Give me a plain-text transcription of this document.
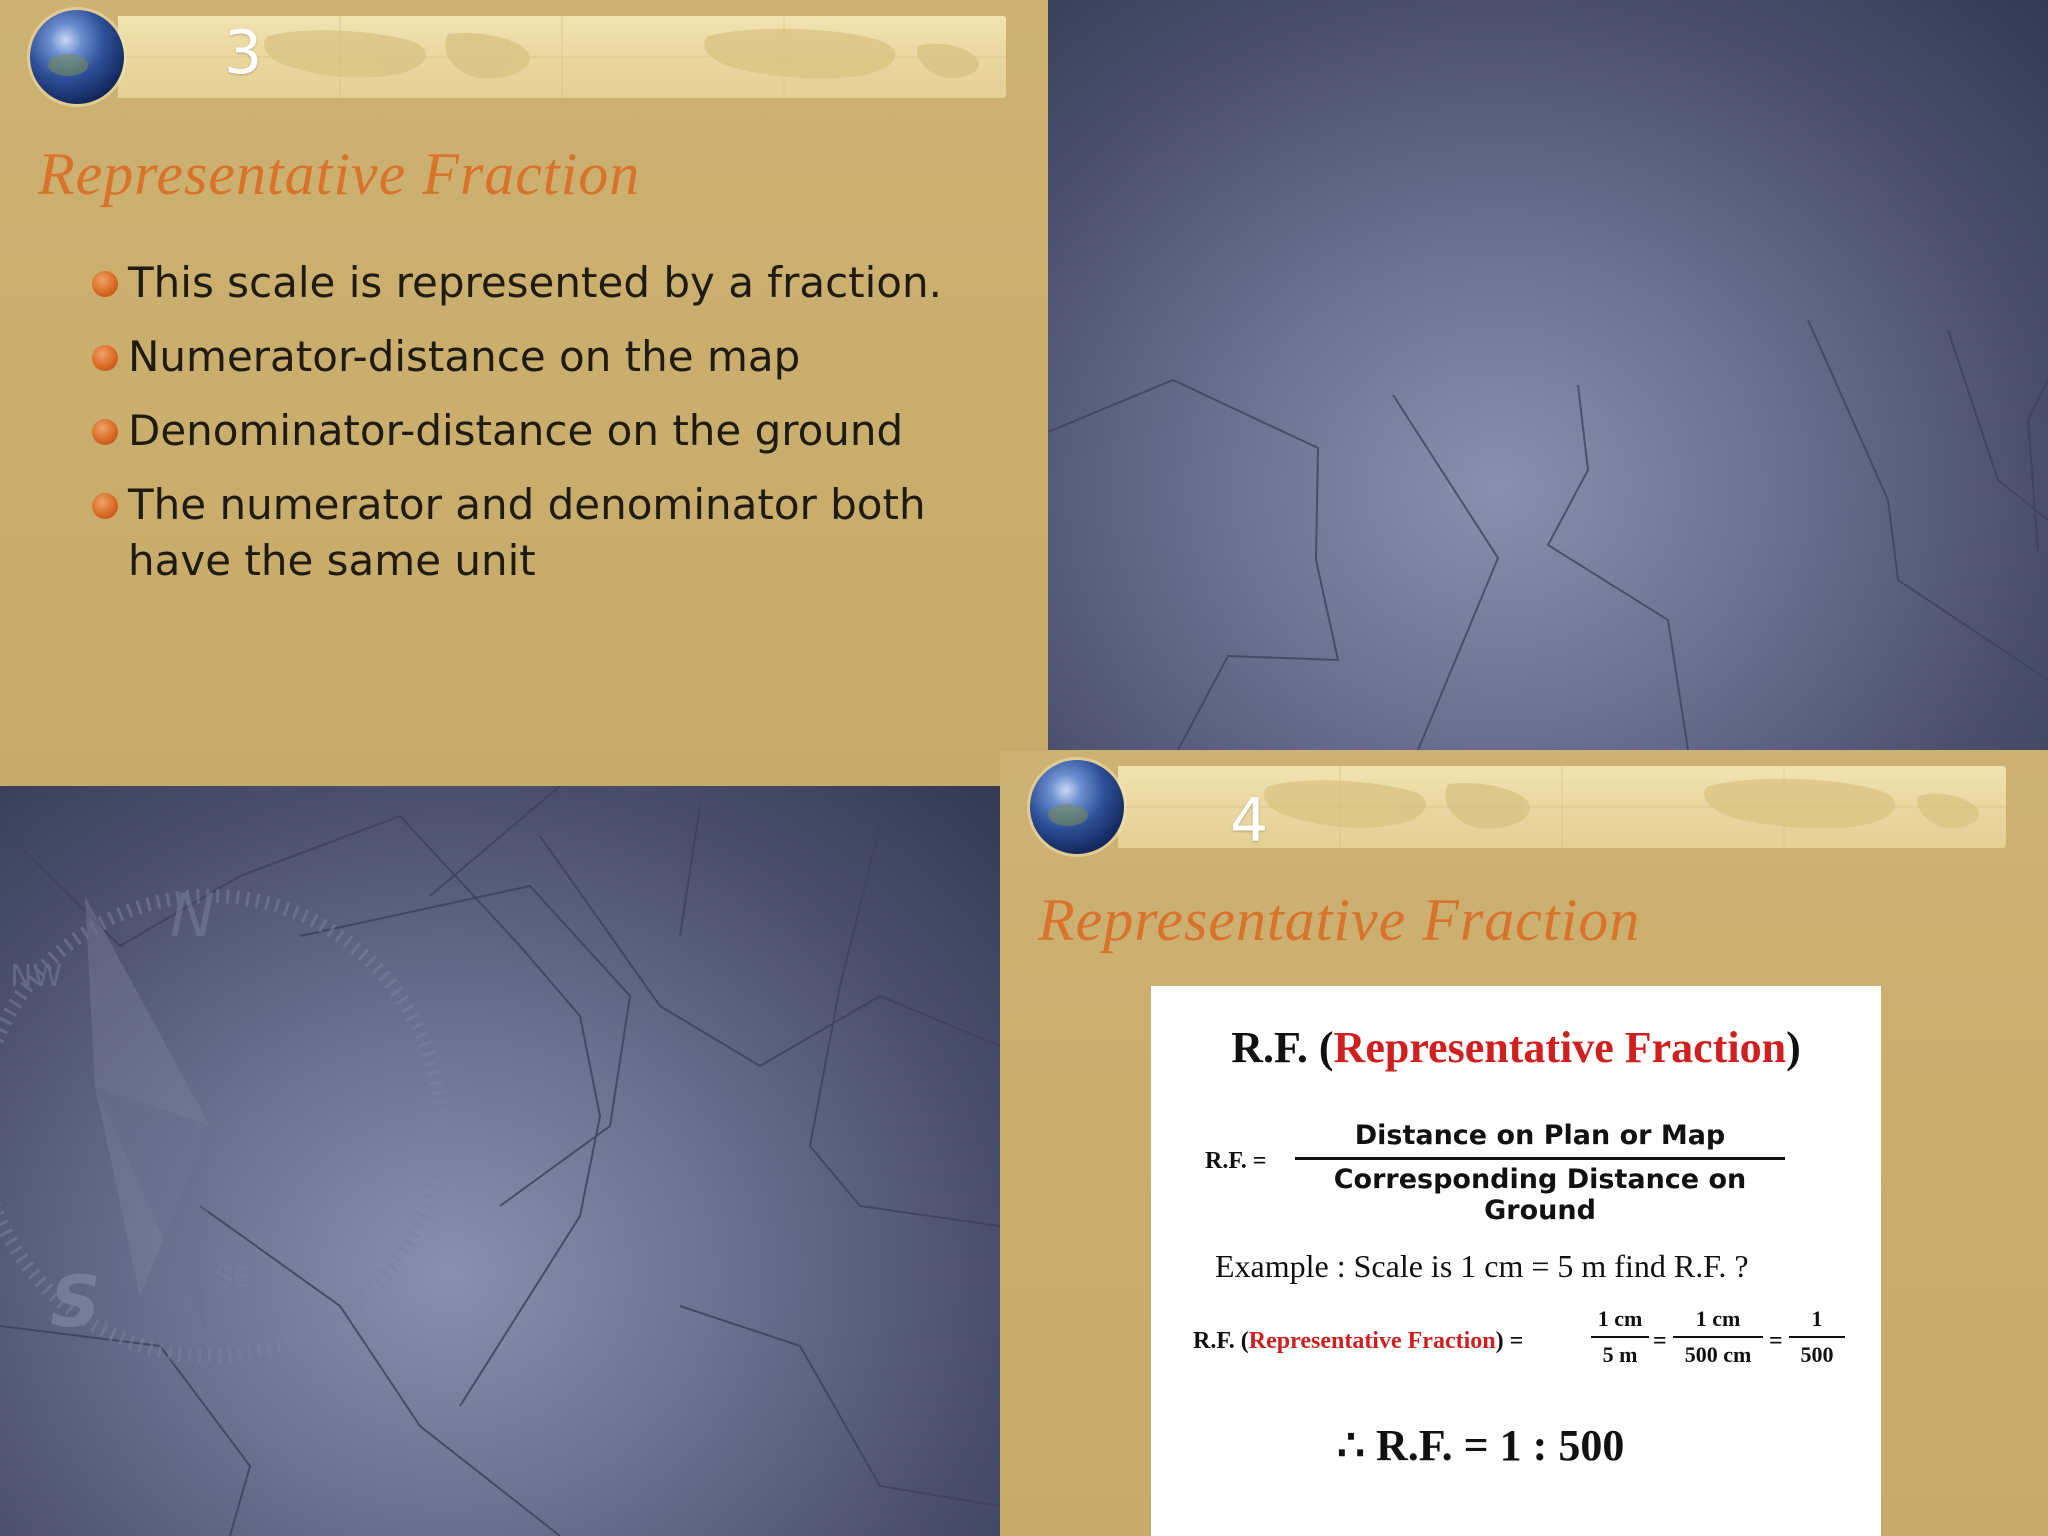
3
Representative Fraction
This scale is represented by a fraction.
Numerator-distance on the map
Denominator-distance on the ground
The numerator and denominator both have the same unit
N
S
NW
SE
4
Representative Fraction
R.F. (Representative Fraction)
R.F. =
Distance on Plan or Map
Corresponding Distance on Ground
Example : Scale is 1 cm = 5 m find R.F. ?
R.F. (Representative Fraction) =
1 cm
5 m
=
1 cm
500 cm
=
1
500
∴ R.F. = 1 : 500
